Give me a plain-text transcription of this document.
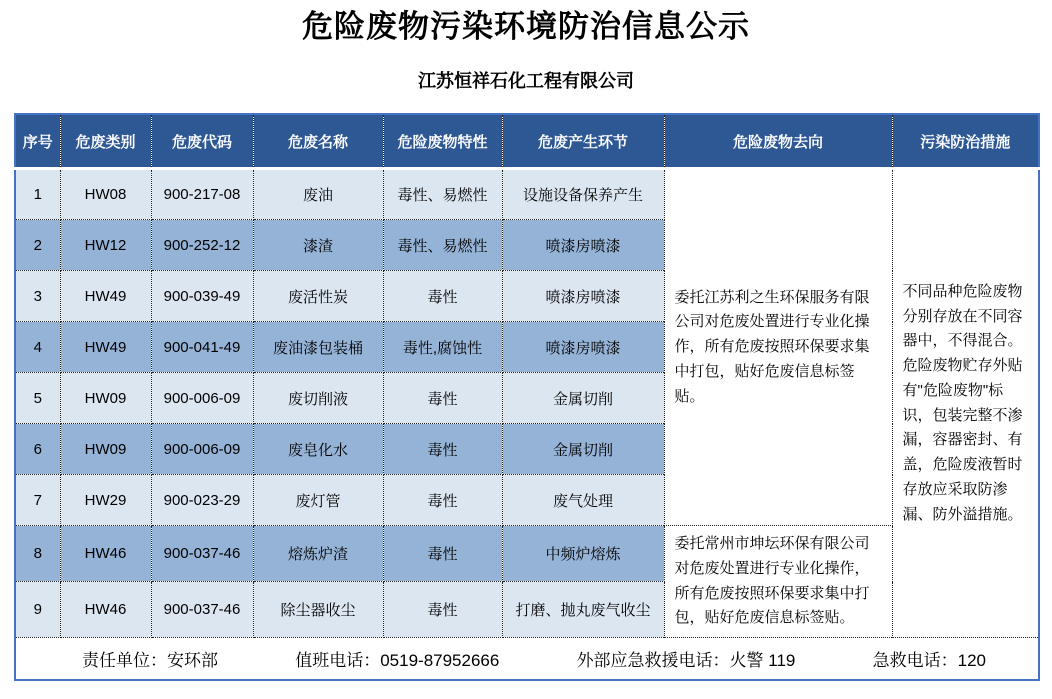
危险废物污染环境防治信息公示
江苏恒祥石化工程有限公司
序号	危废类别	危废代码	危废名称	危险废物特性	危废产生环节	危险废物去向	污染防治措施
1	HW08	900-217-08	废油	毒性、易燃性	设施设备保养产生	委托江苏利之生环保服务有限公司对危废处置进行专业化操作，所有危废按照环保要求集中打包，贴好危废信息标签贴。	不同品种危险废物分别存放在不同容器中，不得混合。危险废物贮存外贴有"危险废物"标识，包装完整不渗漏，容器密封、有盖，危险废液暂时存放应采取防渗漏、防外溢措施。
2	HW12	900-252-12	漆渣	毒性、易燃性	喷漆房喷漆		
3	HW49	900-039-49	废活性炭	毒性	喷漆房喷漆		
4	HW49	900-041-49	废油漆包装桶	毒性,腐蚀性	喷漆房喷漆		
5	HW09	900-006-09	废切削液	毒性	金属切削		
6	HW09	900-006-09	废皂化水	毒性	金属切削		
7	HW29	900-023-29	废灯管	毒性	废气处理		
8	HW46	900-037-46	熔炼炉渣	毒性	中频炉熔炼	委托常州市坤坛环保有限公司对危废处置进行专业化操作，所有危废按照环保要求集中打包，贴好危废信息标签贴。	
9	HW46	900-037-46	除尘器收尘	毒性	打磨、抛丸废气收尘		

责任单位：安环部 值班电话：0519-87952666 外部应急救援电话：火警 119 急救电话：120							
